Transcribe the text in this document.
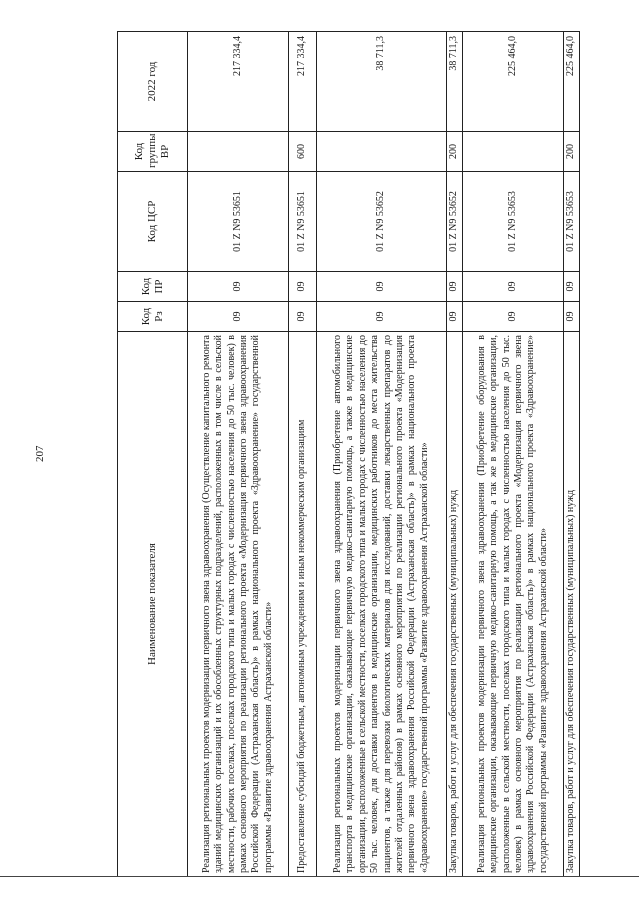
207
Наименование показателя	Код Рз	Код ПР	Код ЦСР	Код группы ВР	2022 год
Реализация региональных проектов модернизации первичного звена здравоохранения (Осуществление капитального ремонта зданий медицинских организаций и их обособленных структурных подразделений, расположенных в том числе в сельской местности, рабочих поселках, поселках городского типа и малых городах с численностью населения до 50 тыс. человек) в рамках основного мероприятия по реализации регионального проекта «Модернизация первичного звена здравоохранения Российской Федерации (Астраханская область)» в рамках национального проекта «Здравоохранение» государственной программы «Развитие здравоохранения Астраханской области»	09	09	01 Z N9 53651		217 334,4
Предоставление субсидий бюджетным, автономным учреждениям и иным некоммерческим организациям	09	09	01 Z N9 53651	600	217 334,4
Реализация региональных проектов модернизации первичного звена здравоохранения (Приобретение автомобильного транспорта в медицинские организации, оказывающие первичную медико-санитарную помощь, а также в медицинские организации, расположенные в сельской местности, поселках городского типа и малых городах с численностью населения до 50 тыс. человек, для доставки пациентов в медицинские организации, медицинских работников до места жительства пациентов, а также для перевозки биологических материалов для исследований, доставки лекарственных препаратов до жителей отдаленных районов) в рамках основного мероприятия по реализации регионального проекта «Модернизация первичного звена здравоохранения Российской Федерации (Астраханская область)» в рамках национального проекта «Здравоохранение» государственной программы «Развитие здравоохранения Астраханской области»	09	09	01 Z N9 53652		38 711,3
Закупка товаров, работ и услуг для обеспечения государственных (муниципальных) нужд	09	09	01 Z N9 53652	200	38 711,3
Реализация региональных проектов модернизации первичного звена здравоохранения (Приобретение оборудования в медицинские организации, оказывающие первичную медико-санитарную помощь, а так же в медицинские организации, расположенные в сельской местности, поселках городского типа и малых городах с численностью населения до 50 тыс. человек) в рамках основного мероприятия по реализации регионального проекта «Модернизация первичного звена здравоохранения Российской Федерации (Астраханская область)» в рамках национального проекта «Здравоохранение» государственной программы «Развитие здравоохранения Астраханской области»	09	09	01 Z N9 53653		225 464,0
Закупка товаров, работ и услуг для обеспечения государственных (муниципальных) нужд	09	09	01 Z N9 53653	200	225 464,0
